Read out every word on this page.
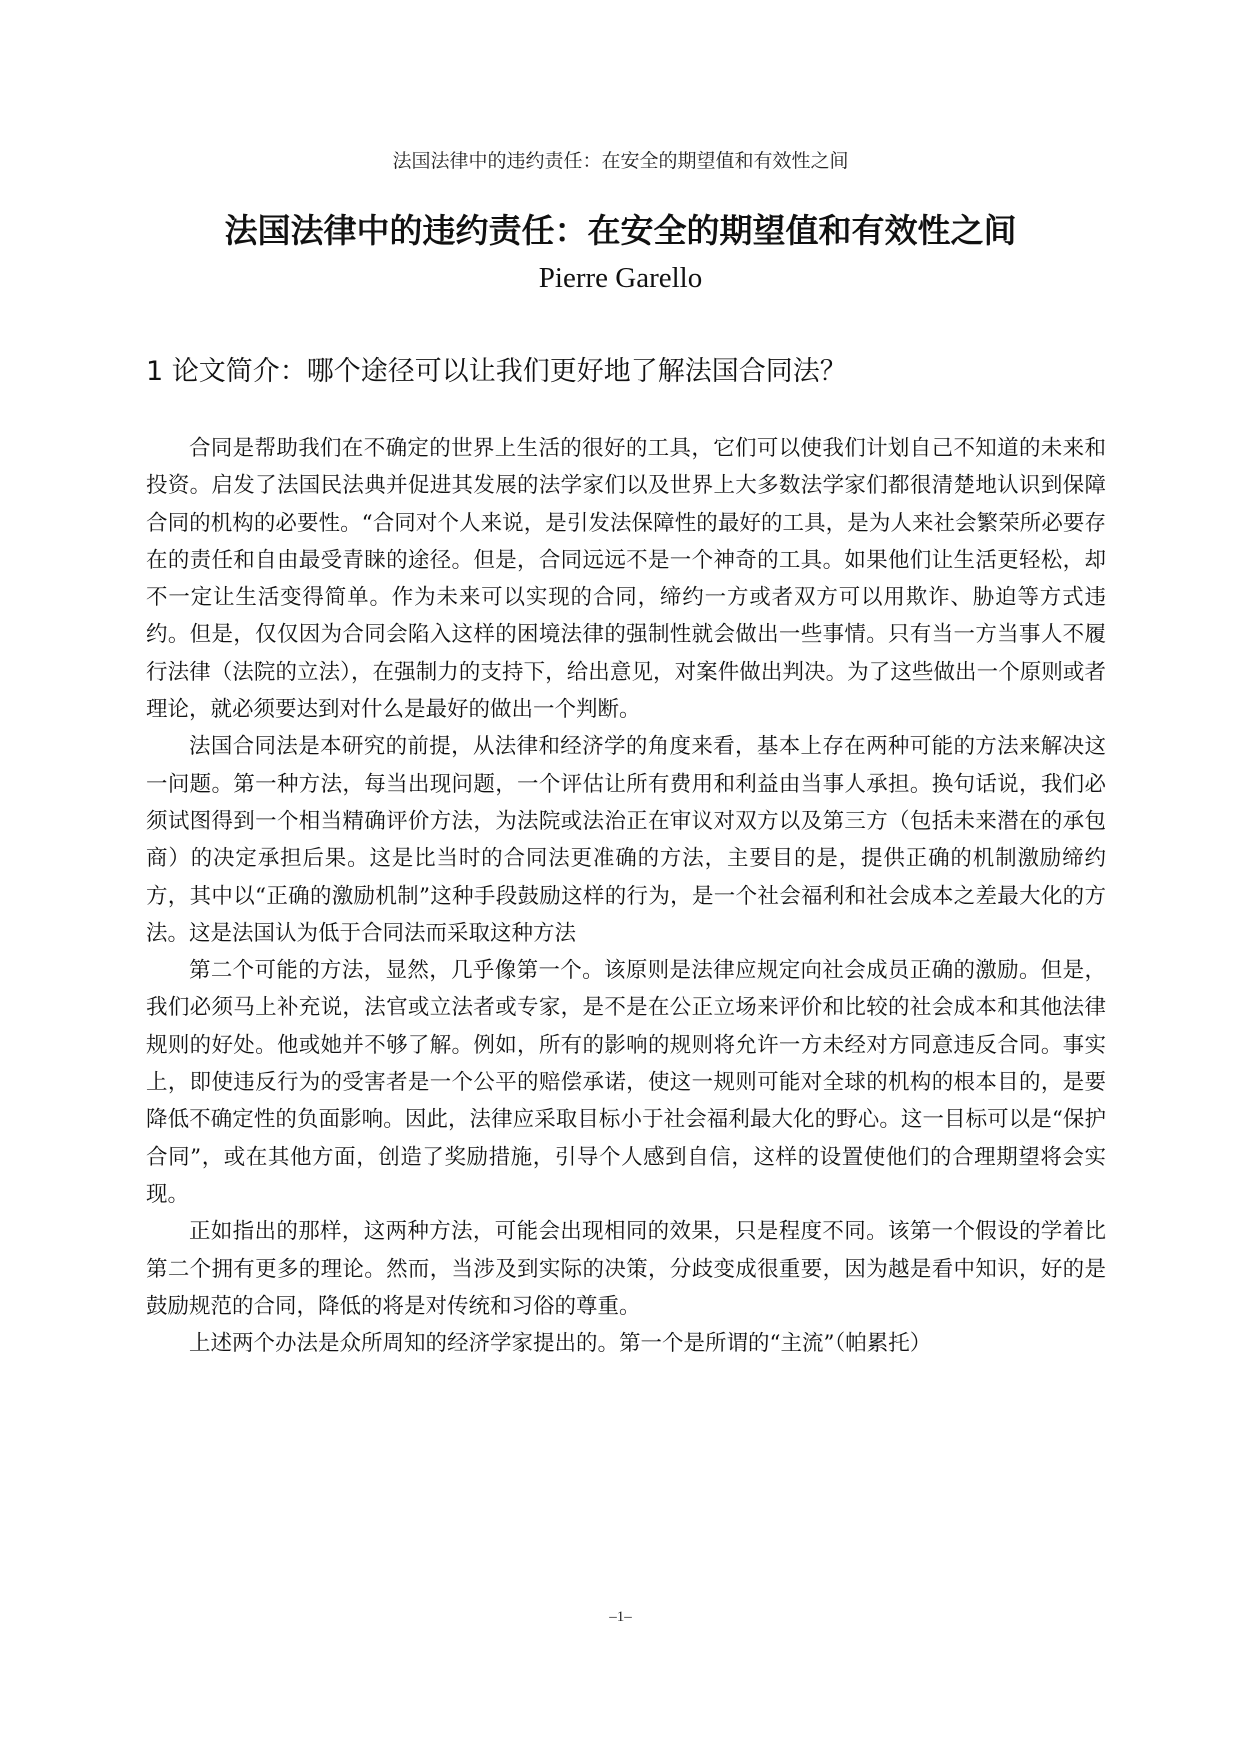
法国法律中的违约责任：在安全的期望值和有效性之间
法国法律中的违约责任：在安全的期望值和有效性之间
Pierre Garello
1 论文简介：哪个途径可以让我们更好地了解法国合同法？

合同是帮助我们在不确定的世界上生活的很好的工具，它们可以使我们计划自己不知道的未来和投资。启发了法国民法典并促进其发展的法学家们以及世界上大多数法学家们都很清楚地认识到保障合同的机构的必要性。“合同对个人来说，是引发法保障性的最好的工具，是为人来社会繁荣所必要存在的责任和自由最受青睐的途径。但是，合同远远不是一个神奇的工具。如果他们让生活更轻松，却不一定让生活变得简单。作为未来可以实现的合同，缔约一方或者双方可以用欺诈、胁迫等方式违约。但是，仅仅因为合同会陷入这样的困境法律的强制性就会做出一些事情。只有当一方当事人不履行法律（法院的立法），在强制力的支持下，给出意见，对案件做出判决。为了这些做出一个原则或者理论，就必须要达到对什么是最好的做出一个判断。

法国合同法是本研究的前提，从法律和经济学的角度来看，基本上存在两种可能的方法来解决这一问题。第一种方法，每当出现问题，一个评估让所有费用和利益由当事人承担。换句话说，我们必须试图得到一个相当精确评价方法，为法院或法治正在审议对双方以及第三方（包括未来潜在的承包商）的决定承担后果。这是比当时的合同法更准确的方法，主要目的是，提供正确的机制激励缔约方，其中以“正确的激励机制”这种手段鼓励这样的行为，是一个社会福利和社会成本之差最大化的方法。这是法国认为低于合同法而采取这种方法

第二个可能的方法，显然，几乎像第一个。该原则是法律应规定向社会成员正确的激励。但是，我们必须马上补充说，法官或立法者或专家，是不是在公正立场来评价和比较的社会成本和其他法律规则的好处。他或她并不够了解。例如，所有的影响的规则将允许一方未经对方同意违反合同。事实上，即使违反行为的受害者是一个公平的赔偿承诺，使这一规则可能对全球的机构的根本目的，是要降低不确定性的负面影响。因此，法律应采取目标小于社会福利最大化的野心。这一目标可以是“保护合同”，或在其他方面，创造了奖励措施，引导个人感到自信，这样的设置使他们的合理期望将会实现。

正如指出的那样，这两种方法，可能会出现相同的效果，只是程度不同。该第一个假设的学着比第二个拥有更多的理论。然而，当涉及到实际的决策，分歧变成很重要，因为越是看中知识，好的是鼓励规范的合同，降低的将是对传统和习俗的尊重。

上述两个办法是众所周知的经济学家提出的。第一个是所谓的“主流”（帕累托）

–1–
